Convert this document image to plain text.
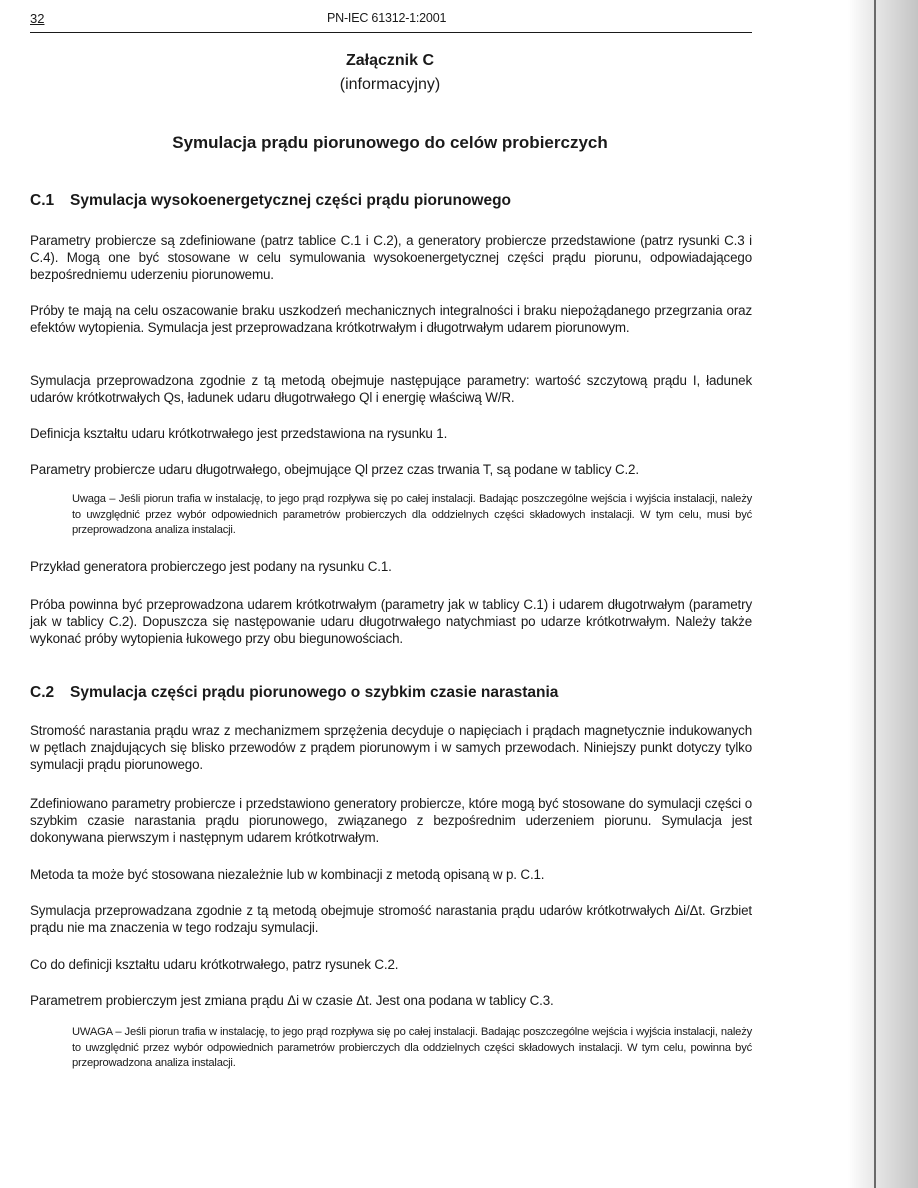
32	PN-IEC 61312-1:2001
Załącznik C
(informacyjny)
Symulacja prądu piorunowego do celów probierczych
C.1 Symulacja wysokoenergetycznej części prądu piorunowego

Parametry probiercze są zdefiniowane (patrz tablice C.1 i C.2), a generatory probiercze przedstawione (patrz rysunki C.3 i C.4). Mogą one być stosowane w celu symulowania wysokoenergetycznej części prądu piorunu, odpowiadającego bezpośredniemu uderzeniu piorunowemu.

Próby te mają na celu oszacowanie braku uszkodzeń mechanicznych integralności i braku niepożądanego przegrzania oraz efektów wytopienia. Symulacja jest przeprowadzana krótkotrwałym i długotrwałym udarem piorunowym.

Symulacja przeprowadzona zgodnie z tą metodą obejmuje następujące parametry: wartość szczytową prądu I, ładunek udarów krótkotrwałych Qs, ładunek udaru długotrwałego Ql i energię właściwą W/R.

Definicja kształtu udaru krótkotrwałego jest przedstawiona na rysunku 1.

Parametry probiercze udaru długotrwałego, obejmujące Ql przez czas trwania T, są podane w tablicy C.2.

Uwaga – Jeśli piorun trafia w instalację, to jego prąd rozpływa się po całej instalacji. Badając poszczególne wejścia i wyjścia instalacji, należy to uwzględnić przez wybór odpowiednich parametrów probierczych dla oddzielnych części składowych instalacji. W tym celu, musi być przeprowadzona analiza instalacji.

Przykład generatora probierczego jest podany na rysunku C.1.

Próba powinna być przeprowadzona udarem krótkotrwałym (parametry jak w tablicy C.1) i udarem długotrwałym (parametry jak w tablicy C.2). Dopuszcza się następowanie udaru długotrwałego natychmiast po udarze krótkotrwałym. Należy także wykonać próby wytopienia łukowego przy obu biegunowościach.

C.2 Symulacja części prądu piorunowego o szybkim czasie narastania

Stromość narastania prądu wraz z mechanizmem sprzężenia decyduje o napięciach i prądach magnetycznie indukowanych w pętlach znajdujących się blisko przewodów z prądem piorunowym i w samych przewodach. Niniejszy punkt dotyczy tylko symulacji prądu piorunowego.

Zdefiniowano parametry probiercze i przedstawiono generatory probiercze, które mogą być stosowane do symulacji części o szybkim czasie narastania prądu piorunowego, związanego z bezpośrednim uderzeniem piorunu. Symulacja jest dokonywana pierwszym i następnym udarem krótkotrwałym.

Metoda ta może być stosowana niezależnie lub w kombinacji z metodą opisaną w p. C.1.

Symulacja przeprowadzana zgodnie z tą metodą obejmuje stromość narastania prądu udarów krótkotrwałych Δi/Δt. Grzbiet prądu nie ma znaczenia w tego rodzaju symulacji.

Co do definicji kształtu udaru krótkotrwałego, patrz rysunek C.2.

Parametrem probierczym jest zmiana prądu Δi w czasie Δt. Jest ona podana w tablicy C.3.

UWAGA – Jeśli piorun trafia w instalację, to jego prąd rozpływa się po całej instalacji. Badając poszczególne wejścia i wyjścia instalacji, należy to uwzględnić przez wybór odpowiednich parametrów probierczych dla oddzielnych części składowych instalacji. W tym celu, powinna być przeprowadzona analiza instalacji.
